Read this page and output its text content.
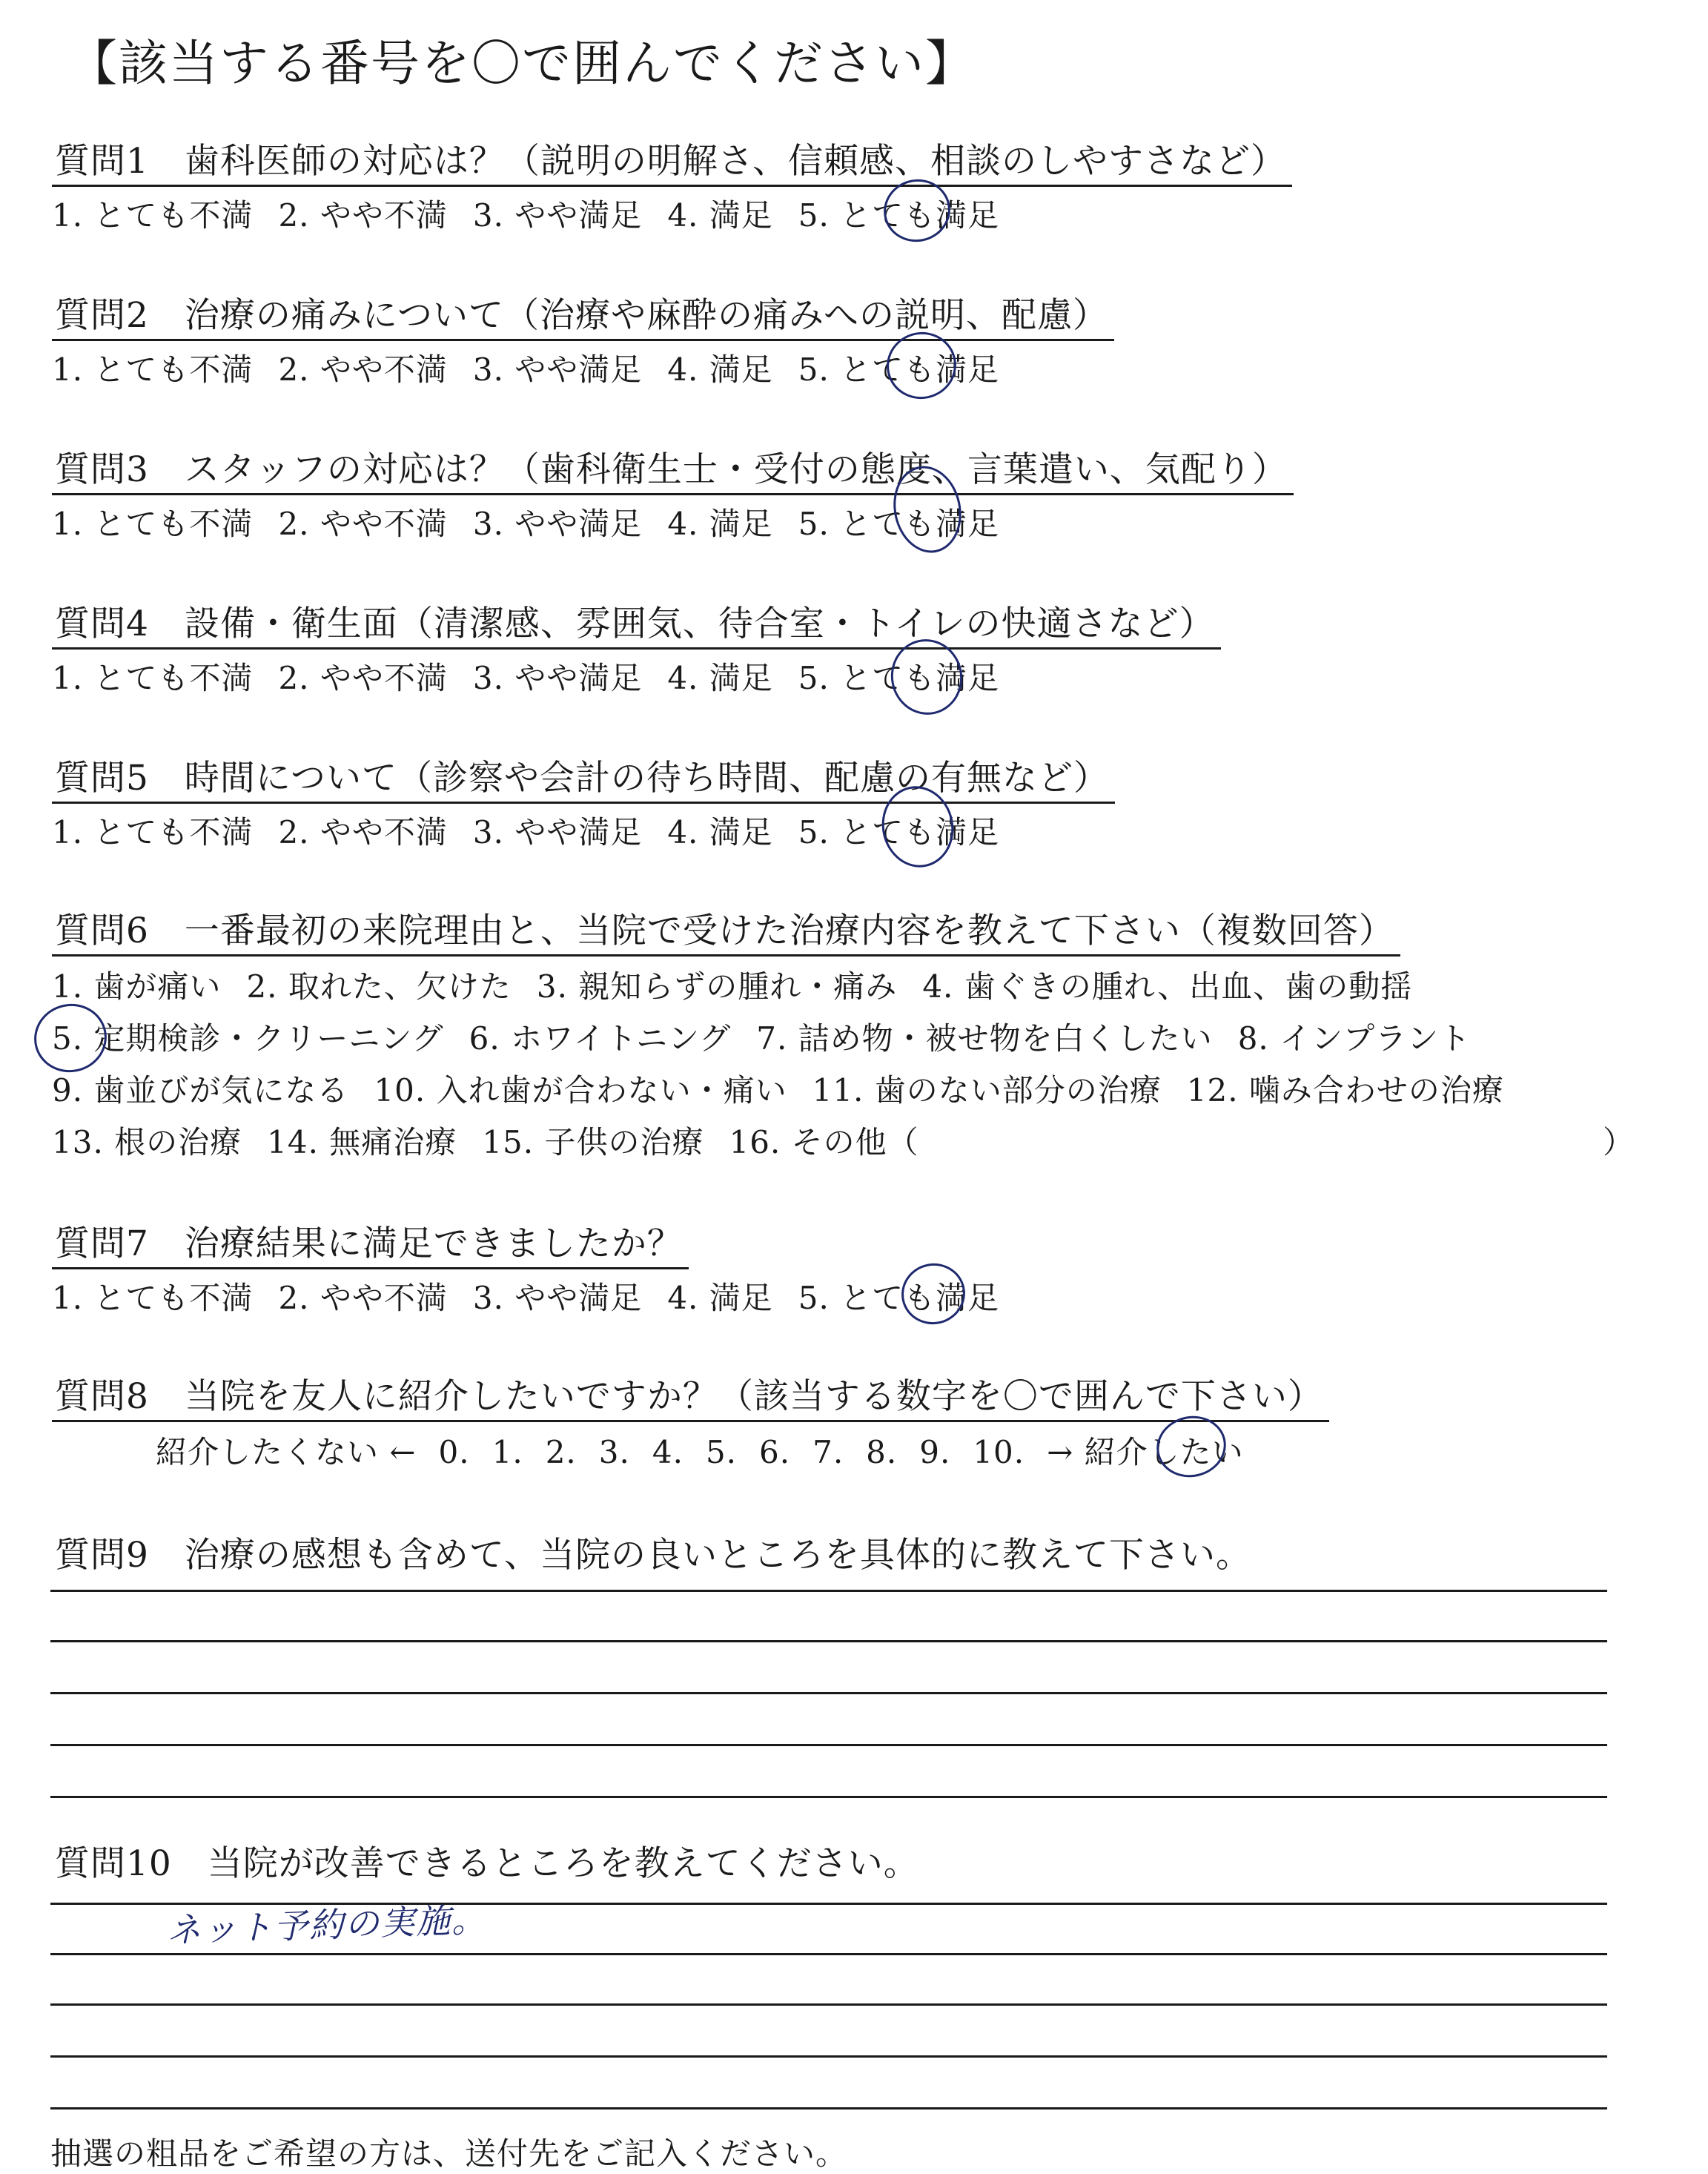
【該当する番号を〇で囲んでください】
質問1　歯科医師の対応は？（説明の明解さ、信頼感、相談のしやすさなど）
1. とても不満 2. やや不満 3. やや満足 4. 満足 5. とても満足
質問2　治療の痛みについて（治療や麻酔の痛みへの説明、配慮）
1. とても不満 2. やや不満 3. やや満足 4. 満足 5. とても満足
質問3　スタッフの対応は？（歯科衛生士・受付の態度、言葉遣い、気配り）
1. とても不満 2. やや不満 3. やや満足 4. 満足 5. とても満足
質問4　設備・衛生面（清潔感、雰囲気、待合室・トイレの快適さなど）
1. とても不満 2. やや不満 3. やや満足 4. 満足 5. とても満足
質問5　時間について（診察や会計の待ち時間、配慮の有無など）
1. とても不満 2. やや不満 3. やや満足 4. 満足 5. とても満足
質問6　一番最初の来院理由と、当院で受けた治療内容を教えて下さい（複数回答）
1. 歯が痛い 2. 取れた、欠けた 3. 親知らずの腫れ・痛み 4. 歯ぐきの腫れ、出血、歯の動揺
5. 定期検診・クリーニング 6. ホワイトニング 7. 詰め物・被せ物を白くしたい 8. インプラント
9. 歯並びが気になる 10. 入れ歯が合わない・痛い 11. 歯のない部分の治療 12. 噛み合わせの治療
13. 根の治療 14. 無痛治療 15. 子供の治療 16. その他（	）
質問7　治療結果に満足できましたか？
1. とても不満 2. やや不満 3. やや満足 4. 満足 5. とても満足
質問8　当院を友人に紹介したいですか？（該当する数字を〇で囲んで下さい）
紹介したくない ← 0. 1. 2. 3. 4. 5. 6. 7. 8. 9. 10. → 紹介したい
質問9　治療の感想も含めて、当院の良いところを具体的に教えて下さい。
質問10　当院が改善できるところを教えてください。
ネット予約の実施。
抽選の粗品をご希望の方は、送付先をご記入ください。
